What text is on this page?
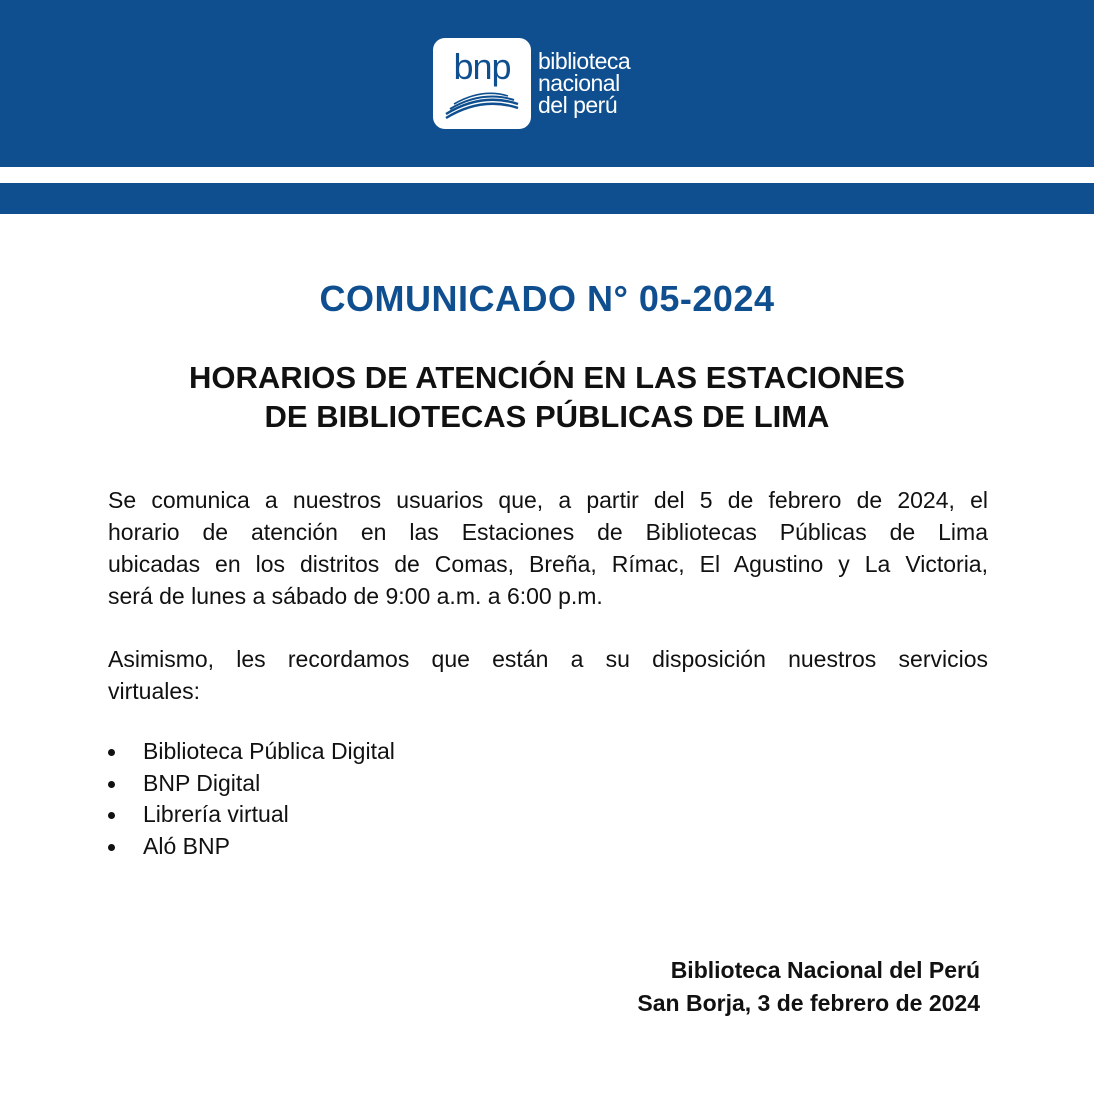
bnp	biblioteca
nacional
del perú
COMUNICADO N° 05-2024
HORARIOS DE ATENCIÓN EN LAS ESTACIONES
DE BIBLIOTECAS PÚBLICAS DE LIMA
Se comunica a nuestros usuarios que, a partir del 5 de febrero de 2024, el
horario de atención en las Estaciones de Bibliotecas Públicas de Lima
ubicadas en los distritos de Comas, Breña, Rímac, El Agustino y La Victoria,
será de lunes a sábado de 9:00 a.m. a 6:00 p.m.
Asimismo, les recordamos que están a su disposición nuestros servicios
virtuales:
Biblioteca Pública Digital
BNP Digital
Librería virtual
Aló BNP
Biblioteca Nacional del Perú
San Borja, 3 de febrero de 2024
